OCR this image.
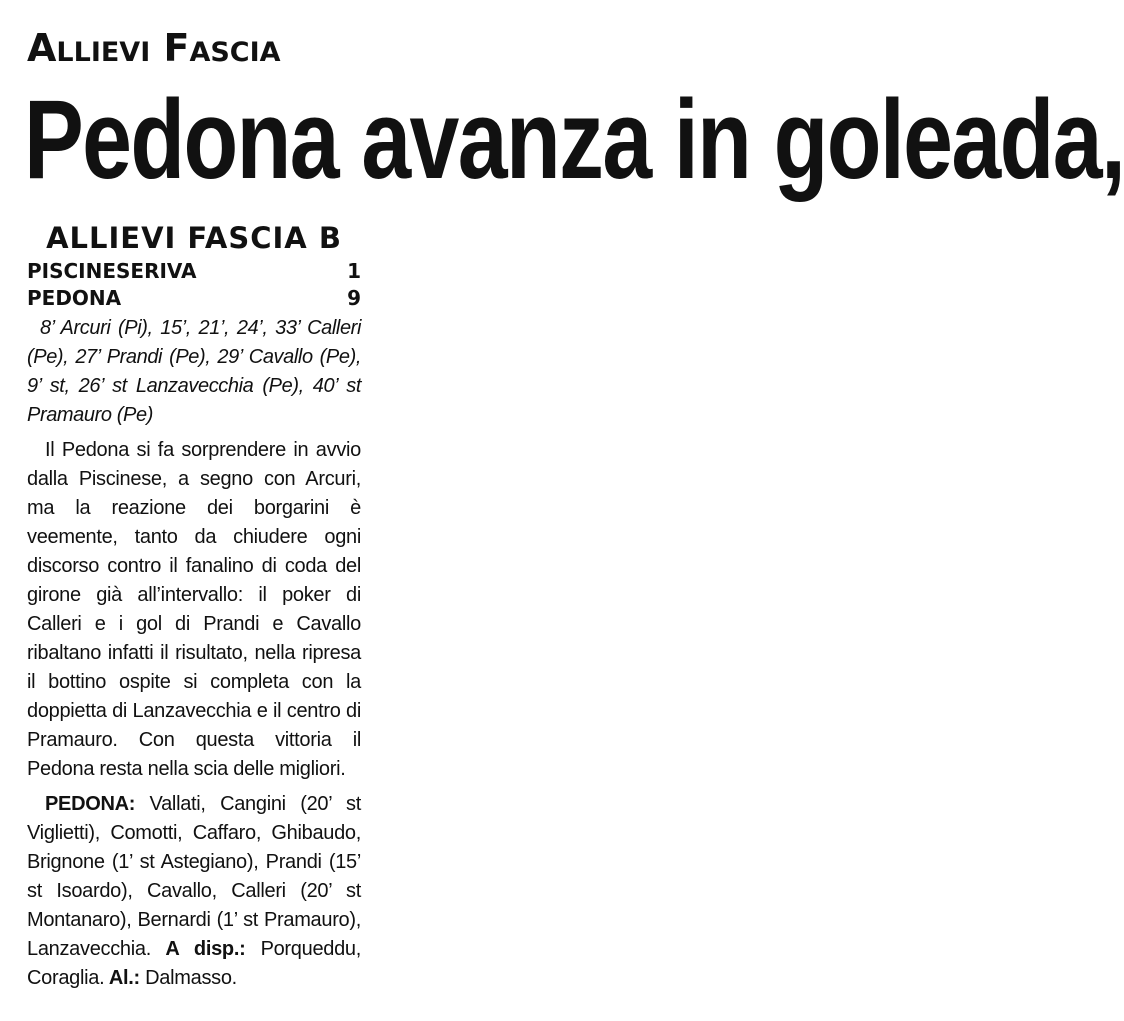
Allievi Fascia
Pedona avanza in goleada,
ALLIEVI FASCIA B
PISCINESERIVA	1
PEDONA	9
8’ Arcuri (Pi), 15’, 21’, 24’, 33’ Calleri (Pe), 27’ Prandi (Pe), 29’ Cavallo (Pe), 9’ st, 26’ st Lanzavecchia (Pe), 40’ st Pramauro (Pe)
Il Pedona si fa sorprendere in avvio dalla Piscinese, a segno con Arcuri, ma la reazione dei borgarini è veemente, tanto da chiudere ogni discorso contro il fanalino di coda del girone già all’intervallo: il poker di Calleri e i gol di Prandi e Cavallo ribaltano infatti il risultato, nella ripresa il bottino ospite si completa con la doppietta di Lanzavecchia e il centro di Pramauro. Con questa vittoria il Pedona resta nella scia delle migliori.
PEDONA: Vallati, Cangini (20’ st Viglietti), Comotti, Caffaro, Ghibaudo, Brignone (1’ st Astegiano), Prandi (15’ st Isoardo), Cavallo, Calleri (20’ st Montanaro), Bernardi (1’ st Pramauro), Lanzavecchia. A disp.: Porqueddu, Coraglia. Al.: Dalmasso.
